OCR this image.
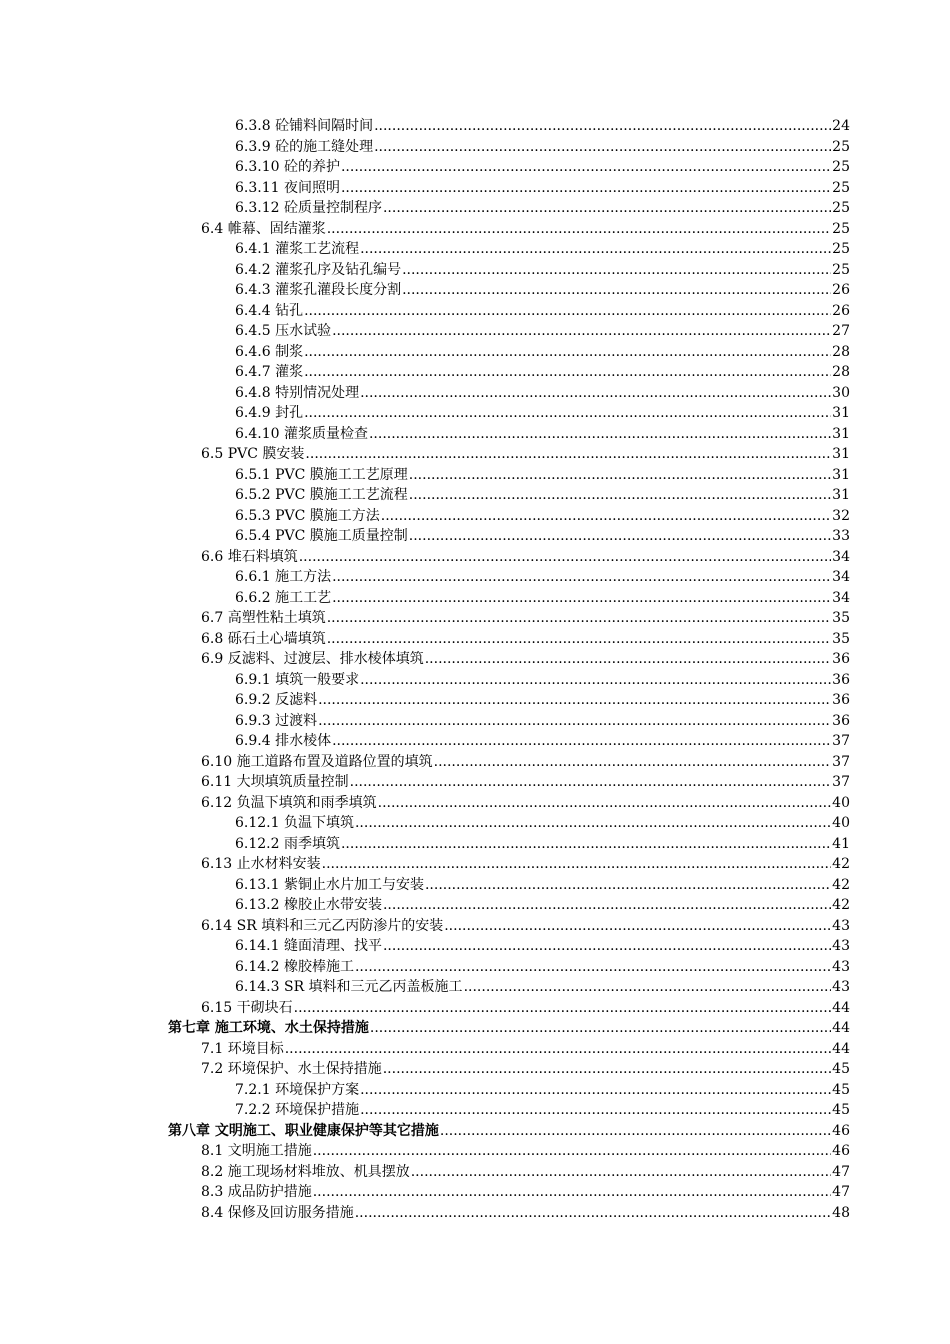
6.3.8 砼铺料间隔时间 .....	24
6.3.9 砼的施工缝处理 .....	25
6.3.10 砼的养护 .....	25
6.3.11 夜间照明 .....	25
6.3.12 砼质量控制程序 .....	25
6.4 帷幕、固结灌浆 .....	25
6.4.1 灌浆工艺流程 .....	25
6.4.2 灌浆孔序及钻孔编号 .....	25
6.4.3 灌浆孔灌段长度分割 .....	26
6.4.4 钻孔 .....	26
6.4.5 压水试验 .....	27
6.4.6 制浆 .....	28
6.4.7 灌浆 .....	28
6.4.8 特别情况处理 .....	30
6.4.9 封孔 .....	31
6.4.10 灌浆质量检查 .....	31
6.5 PVC 膜安装 .....	31
6.5.1 PVC 膜施工工艺原理 .....	31
6.5.2 PVC 膜施工工艺流程 .....	31
6.5.3 PVC 膜施工方法 .....	32
6.5.4 PVC 膜施工质量控制 .....	33
6.6 堆石料填筑 .....	34
6.6.1 施工方法 .....	34
6.6.2 施工工艺 .....	34
6.7 高塑性粘土填筑 .....	35
6.8 砾石土心墙填筑 .....	35
6.9 反滤料、过渡层、排水棱体填筑 .....	36
6.9.1 填筑一般要求 .....	36
6.9.2 反滤料 .....	36
6.9.3 过渡料 .....	36
6.9.4 排水棱体 .....	37
6.10 施工道路布置及道路位置的填筑 .....	37
6.11 大坝填筑质量控制 .....	37
6.12 负温下填筑和雨季填筑 .....	40
6.12.1 负温下填筑 .....	40
6.12.2 雨季填筑 .....	41
6.13 止水材料安装 .....	42
6.13.1 紫铜止水片加工与安装 .....	42
6.13.2 橡胶止水带安装 .....	42
6.14 SR 填料和三元乙丙防渗片的安装 .....	43
6.14.1 缝面清理、找平 .....	43
6.14.2 橡胶棒施工 .....	43
6.14.3 SR 填料和三元乙丙盖板施工 .....	43
6.15 干砌块石 .....	44
第七章 施工环境、水土保持措施 .....	44
7.1 环境目标 .....	44
7.2 环境保护、水土保持措施 .....	45
7.2.1 环境保护方案 .....	45
7.2.2 环境保护措施 .....	45
第八章 文明施工、职业健康保护等其它措施 .....	46
8.1 文明施工措施 .....	46
8.2 施工现场材料堆放、机具摆放 .....	47
8.3 成品防护措施 .....	47
8.4 保修及回访服务措施 .....	48
